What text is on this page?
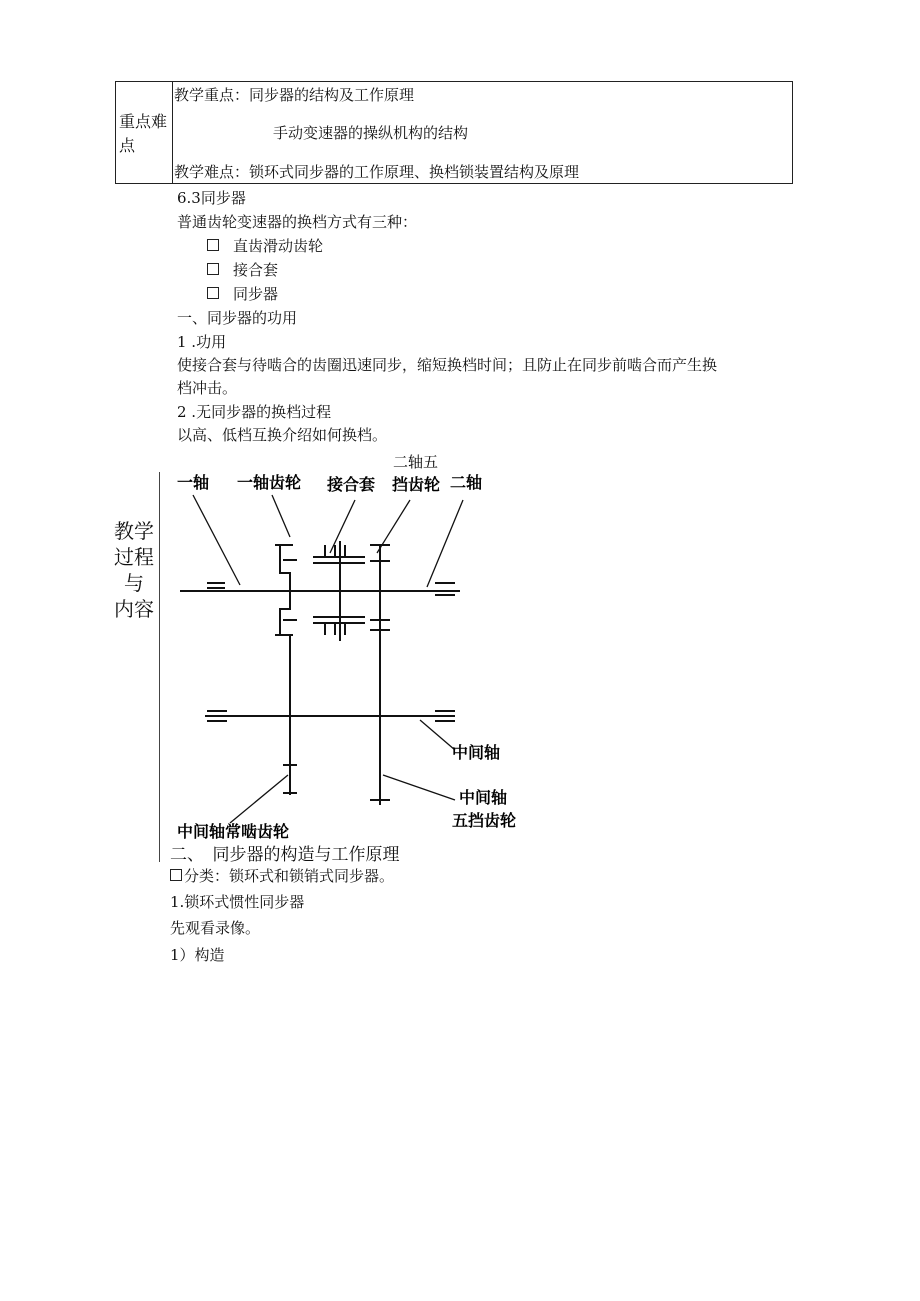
重点难点
教学重点：同步器的结构及工作原理
手动变速器的操纵机构的结构
教学难点：锁环式同步器的工作原理、换档锁装置结构及原理
6.3同步器
普通齿轮变速器的换档方式有三种：
直齿滑动齿轮
接合套
同步器
一、同步器的功用
1 .功用
使接合套与待啮合的齿圈迅速同步，缩短换档时间；且防止在同步前啮合而产生换
档冲击。
2 .无同步器的换档过程
以高、低档互换介绍如何换档。
教学
过程
与
内容
二轴五
一轴 一轴齿轮 接合套 挡齿轮 二轴
中间轴
中间轴
五挡齿轮
中间轴常啮齿轮
二、　同步器的构造与工作原理
分类：锁环式和锁销式同步器。
1.锁环式惯性同步器
先观看录像。
1）构造
